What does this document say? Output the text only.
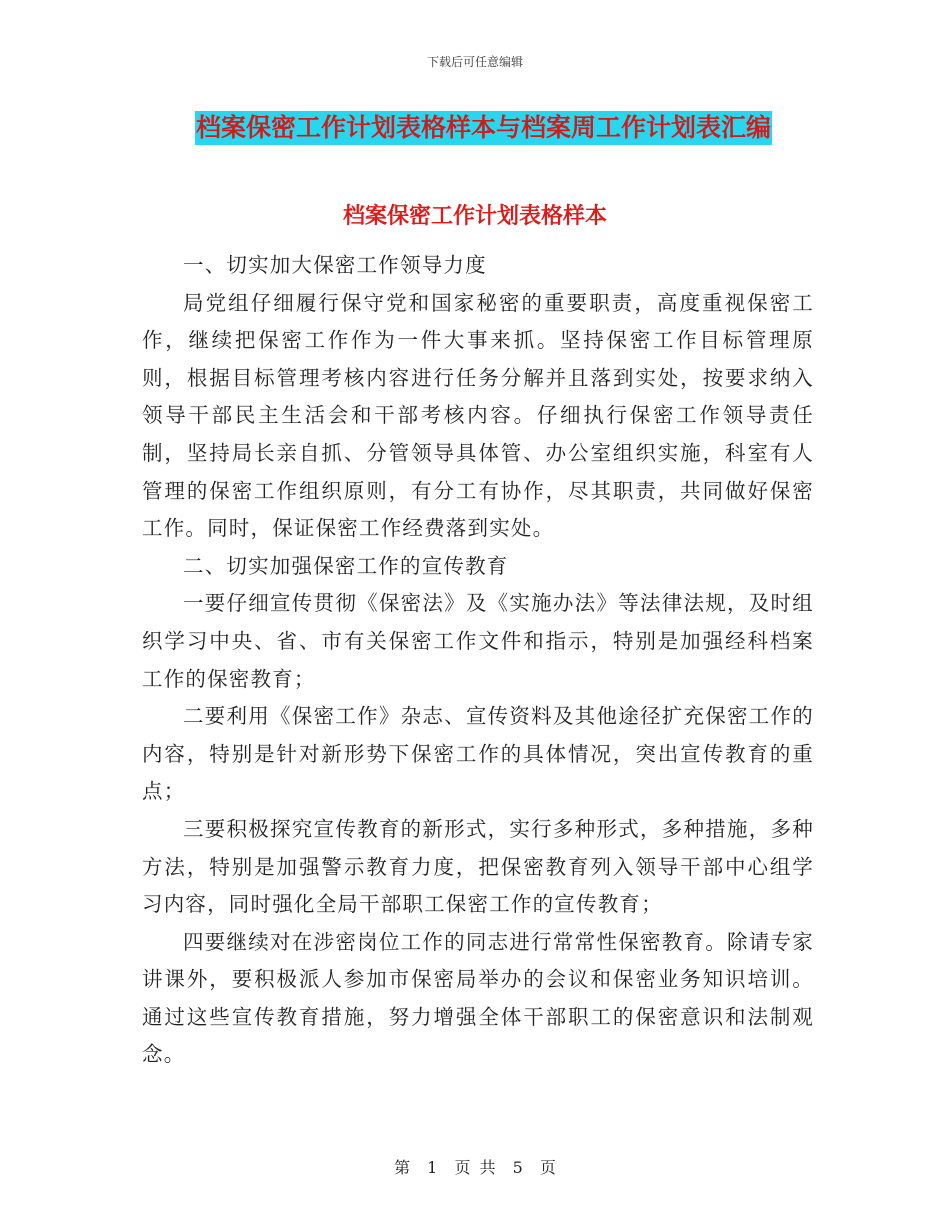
下载后可任意编辑
档案保密工作计划表格样本与档案周工作计划表汇编
档案保密工作计划表格样本

一、切实加大保密工作领导力度

局党组仔细履行保守党和国家秘密的重要职责，高度重视保密工作，继续把保密工作作为一件大事来抓。坚持保密工作目标管理原则，根据目标管理考核内容进行任务分解并且落到实处，按要求纳入领导干部民主生活会和干部考核内容。仔细执行保密工作领导责任制，坚持局长亲自抓、分管领导具体管、办公室组织实施，科室有人管理的保密工作组织原则，有分工有协作，尽其职责，共同做好保密工作。同时，保证保密工作经费落到实处。

二、切实加强保密工作的宣传教育

一要仔细宣传贯彻《保密法》及《实施办法》等法律法规，及时组织学习中央、省、市有关保密工作文件和指示，特别是加强经科档案工作的保密教育；

二要利用《保密工作》杂志、宣传资料及其他途径扩充保密工作的内容，特别是针对新形势下保密工作的具体情况，突出宣传教育的重点；

三要积极探究宣传教育的新形式，实行多种形式，多种措施，多种方法，特别是加强警示教育力度，把保密教育列入领导干部中心组学习内容，同时强化全局干部职工保密工作的宣传教育；

四要继续对在涉密岗位工作的同志进行常常性保密教育。除请专家讲课外，要积极派人参加市保密局举办的会议和保密业务知识培训。通过这些宣传教育措施，努力增强全体干部职工的保密意识和法制观念。

第 1 页 共 5 页
